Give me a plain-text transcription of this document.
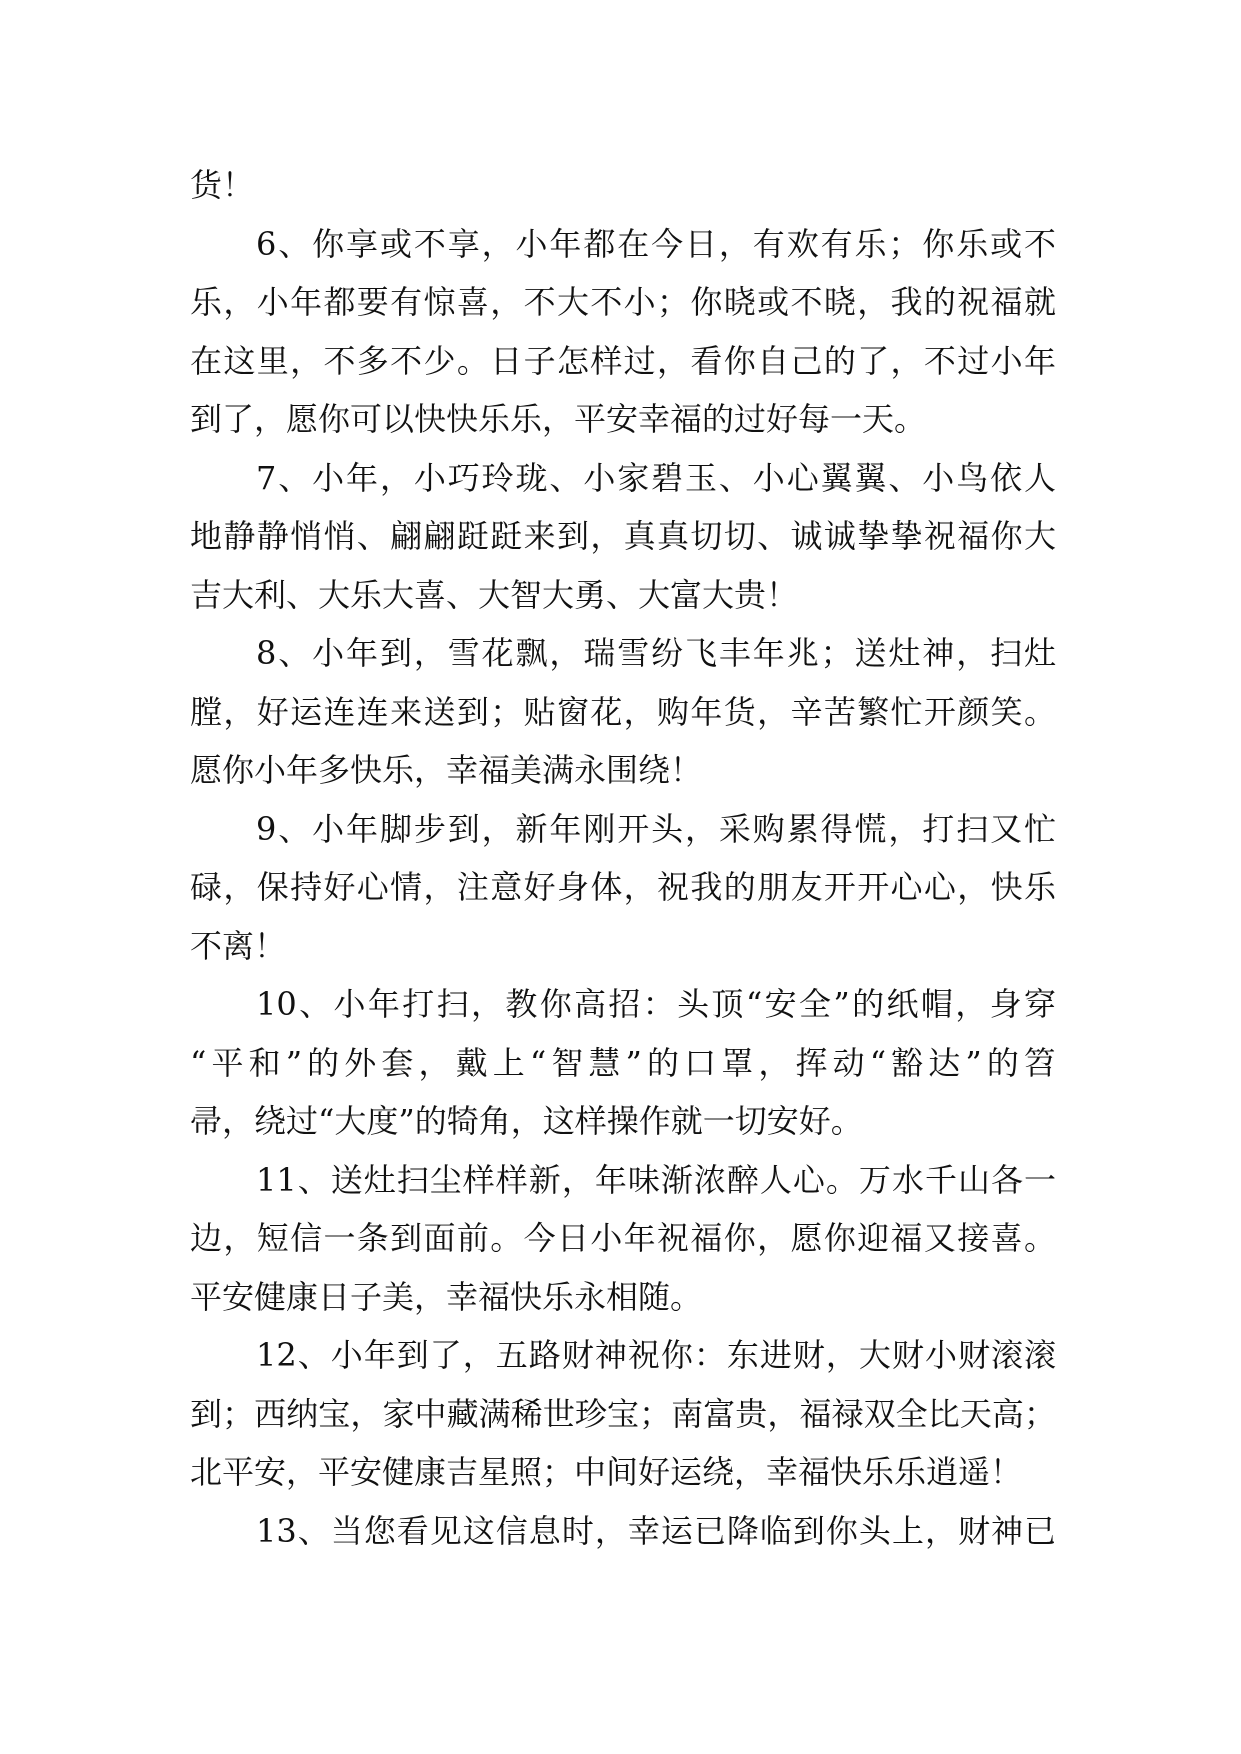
货！
6、你享或不享，小年都在今日，有欢有乐；你乐或不
乐，小年都要有惊喜，不大不小；你晓或不晓，我的祝福就
在这里，不多不少。日子怎样过，看你自己的了，不过小年
到了，愿你可以快快乐乐，平安幸福的过好每一天。
7、小年，小巧玲珑、小家碧玉、小心翼翼、小鸟依人
地静静悄悄、翩翩跹跹来到，真真切切、诚诚挚挚祝福你大
吉大利、大乐大喜、大智大勇、大富大贵！
8、小年到，雪花飘，瑞雪纷飞丰年兆；送灶神，扫灶
膛，好运连连来送到；贴窗花，购年货，辛苦繁忙开颜笑。
愿你小年多快乐，幸福美满永围绕！
9、小年脚步到，新年刚开头，采购累得慌，打扫又忙
碌，保持好心情，注意好身体，祝我的朋友开开心心，快乐
不离！
10、小年打扫，教你高招：头顶“安全”的纸帽，身穿
“平和”的外套，戴上“智慧”的口罩，挥动“豁达”的笤
帚，绕过“大度”的犄角，这样操作就一切安好。
11、送灶扫尘样样新，年味渐浓醉人心。万水千山各一
边，短信一条到面前。今日小年祝福你，愿你迎福又接喜。
平安健康日子美，幸福快乐永相随。
12、小年到了，五路财神祝你：东进财，大财小财滚滚
到；西纳宝，家中藏满稀世珍宝；南富贵，福禄双全比天高；
北平安，平安健康吉星照；中间好运绕，幸福快乐乐逍遥！
13、当您看见这信息时，幸运已降临到你头上，财神已
